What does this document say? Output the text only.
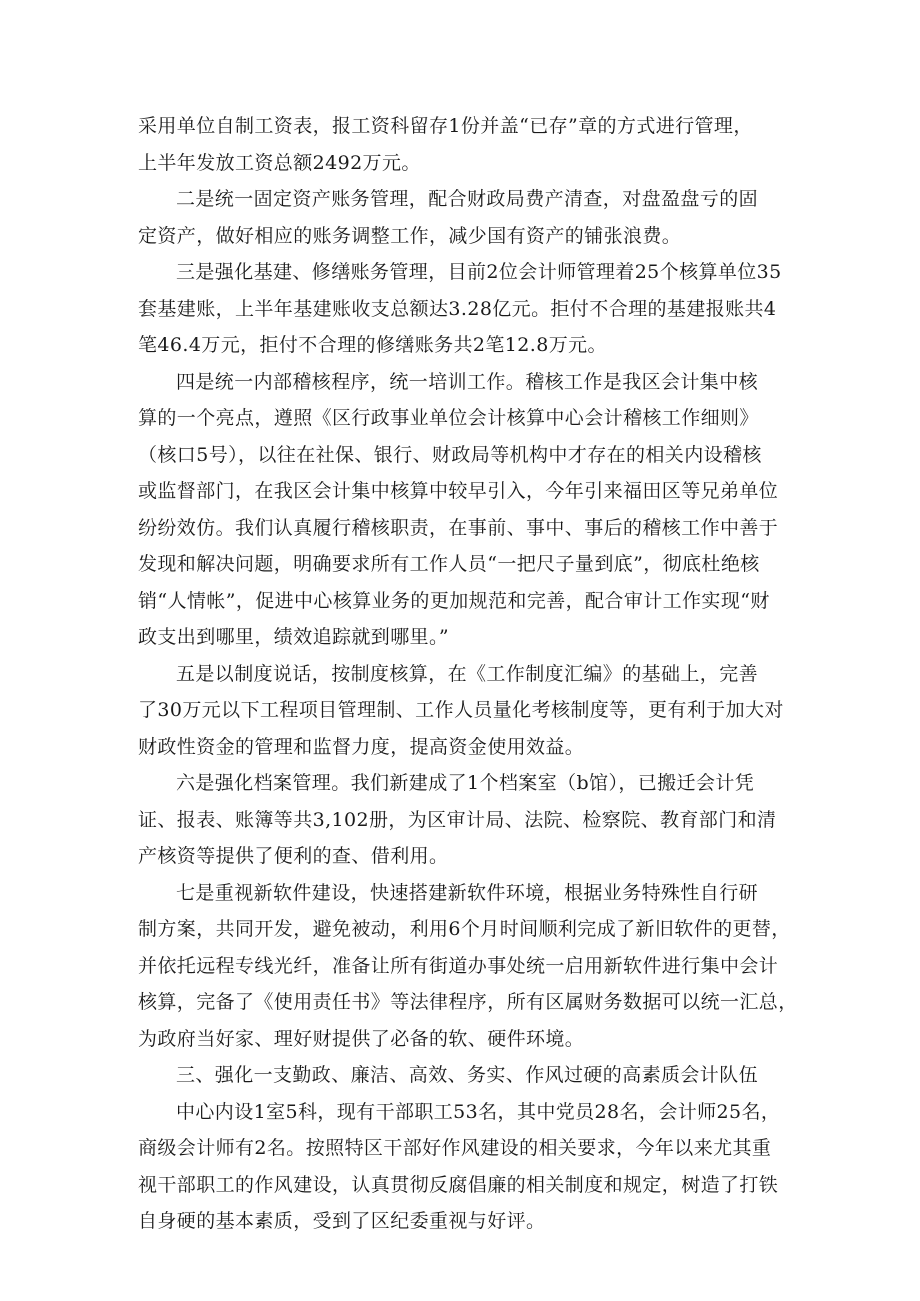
采用单位自制工资表，报工资科留存1份并盖“已存”章的方式进行管理，
上半年发放工资总额2492万元。
二是统一固定资产账务管理，配合财政局费产清查，对盘盈盘亏的固
定资产，做好相应的账务调整工作，减少国有资产的铺张浪费。
三是强化基建、修缮账务管理，目前2位会计师管理着25个核算单位35
套基建账，上半年基建账收支总额达3.28亿元。拒付不合理的基建报账共4
笔46.4万元，拒付不合理的修缮账务共2笔12.8万元。
四是统一内部稽核程序，统一培训工作。稽核工作是我区会计集中核
算的一个亮点，遵照《区行政事业单位会计核算中心会计稽核工作细则》
（核口5号），以往在社保、银行、财政局等机构中才存在的相关内设稽核
或监督部门，在我区会计集中核算中较早引入，今年引来福田区等兄弟单位
纷纷效仿。我们认真履行稽核职责，在事前、事中、事后的稽核工作中善于
发现和解决问题，明确要求所有工作人员“一把尺子量到底”，彻底杜绝核
销“人情帐”，促进中心核算业务的更加规范和完善，配合审计工作实现“财
政支出到哪里，绩效追踪就到哪里。”
五是以制度说话，按制度核算，在《工作制度汇编》的基础上，完善
了30万元以下工程项目管理制、工作人员量化考核制度等，更有利于加大对
财政性资金的管理和监督力度，提高资金使用效益。
六是强化档案管理。我们新建成了1个档案室（b馆），已搬迁会计凭
证、报表、账簿等共3,102册，为区审计局、法院、检察院、教育部门和清
产核资等提供了便利的查、借利用。
七是重视新软件建设，快速搭建新软件环境，根据业务特殊性自行研
制方案，共同开发，避免被动，利用6个月时间顺利完成了新旧软件的更替，
并依托远程专线光纤，准备让所有街道办事处统一启用新软件进行集中会计
核算，完备了《使用责任书》等法律程序，所有区属财务数据可以统一汇总，
为政府当好家、理好财提供了必备的软、硬件环境。
三、强化一支勤政、廉洁、高效、务实、作风过硬的高素质会计队伍
中心内设1室5科，现有干部职工53名，其中党员28名，会计师25名，
商级会计师有2名。按照特区干部好作风建设的相关要求，今年以来尤其重
视干部职工的作风建设，认真贯彻反腐倡廉的相关制度和规定，树造了打铁
自身硬的基本素质，受到了区纪委重视与好评。
